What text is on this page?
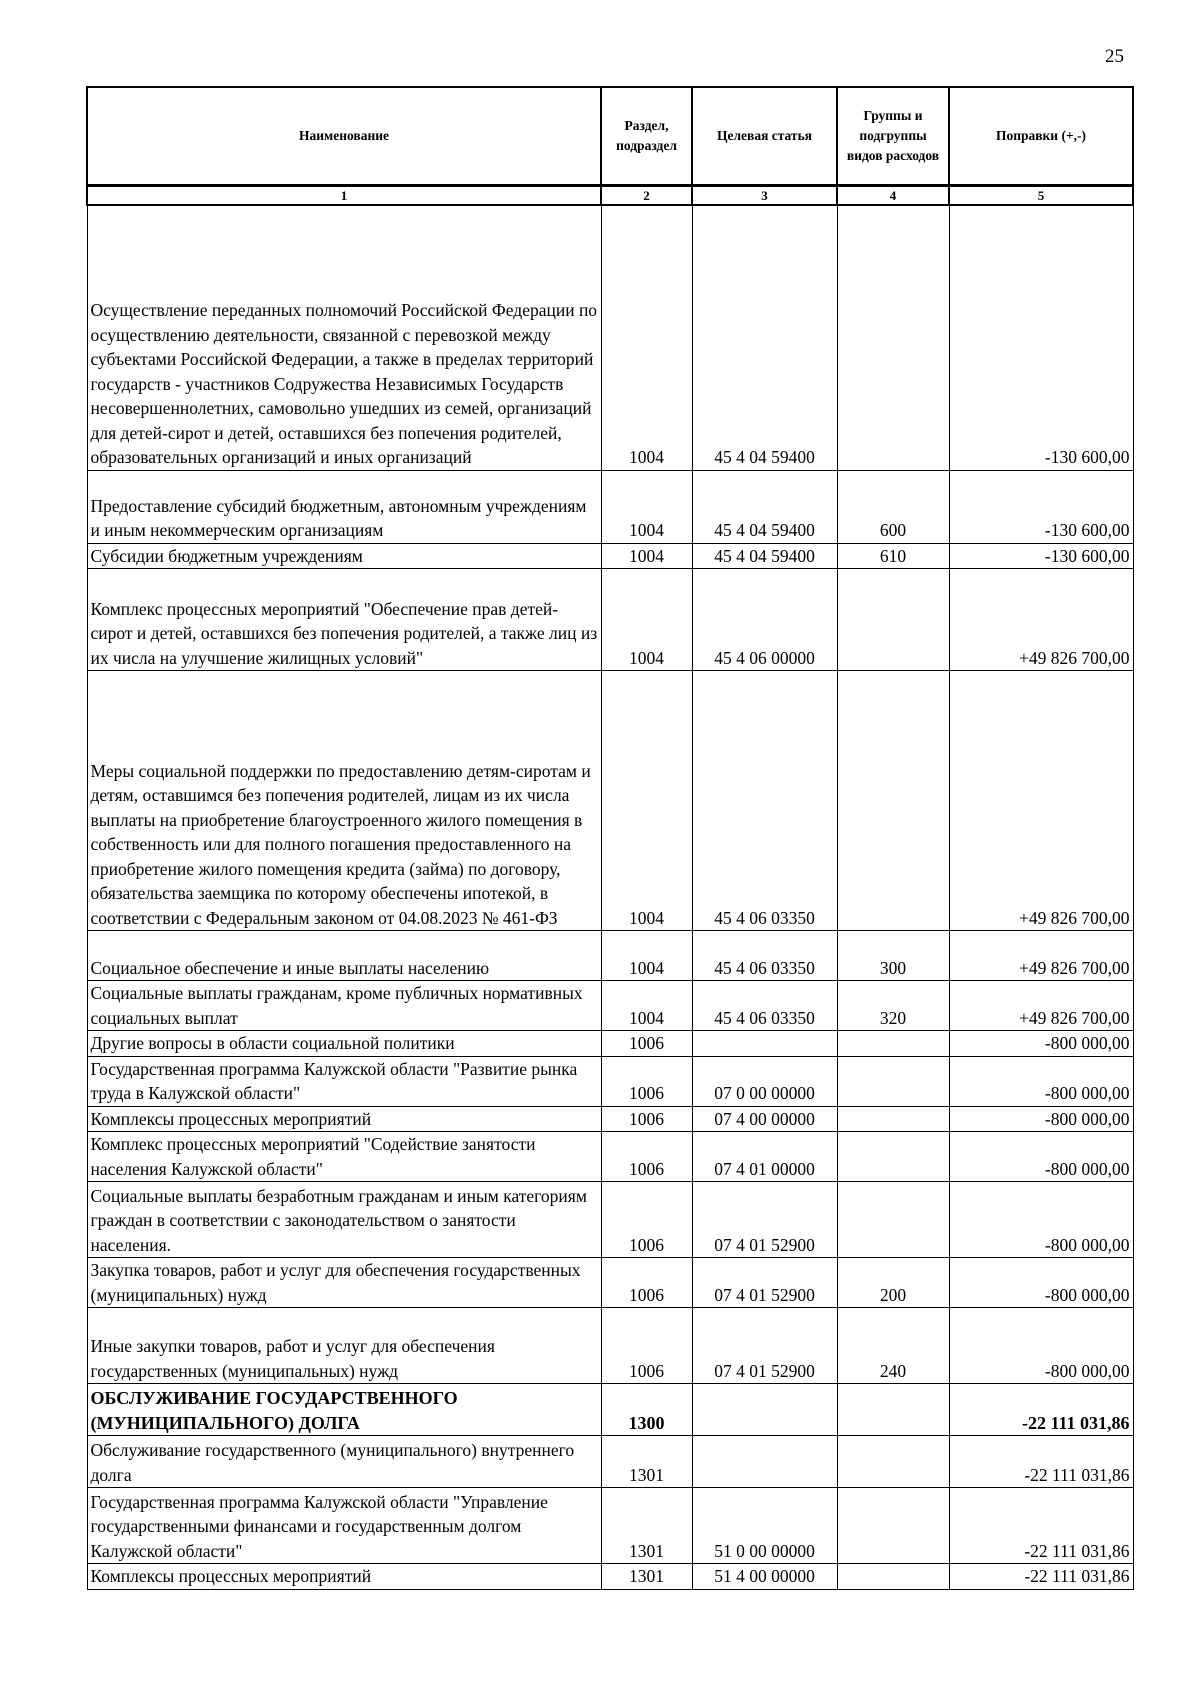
25
Наименование	Раздел, подраздел	Целевая статья	Группы и подгруппы видов расходов	Поправки (+,-)
1	2	3	4	5
Осуществление переданных полномочий Российской Федерации по осуществлению деятельности, связанной с перевозкой между субъектами Российской Федерации, а также в пределах территорий государств - участников Содружества Независимых Государств несовершеннолетних, самовольно ушедших из семей, организаций для детей-сирот и детей, оставшихся без попечения родителей, образовательных организаций и иных организаций	1004	45 4 04 59400		-130 600,00
Предоставление субсидий бюджетным, автономным учреждениям и иным некоммерческим организациям	1004	45 4 04 59400	600	-130 600,00
Субсидии бюджетным учреждениям	1004	45 4 04 59400	610	-130 600,00
Комплекс процессных мероприятий "Обеспечение прав детей-сирот и детей, оставшихся без попечения родителей, а также лиц из их числа на улучшение жилищных условий"	1004	45 4 06 00000		+49 826 700,00
Меры социальной поддержки по предоставлению детям-сиротам и детям, оставшимся без попечения родителей, лицам из их числа выплаты на приобретение благоустроенного жилого помещения в собственность или для полного погашения предоставленного на приобретение жилого помещения кредита (займа) по договору, обязательства заемщика по которому обеспечены ипотекой, в соответствии с Федеральным законом от 04.08.2023 № 461-ФЗ	1004	45 4 06 03350		+49 826 700,00
Социальное обеспечение и иные выплаты населению	1004	45 4 06 03350	300	+49 826 700,00
Социальные выплаты гражданам, кроме публичных нормативных социальных выплат	1004	45 4 06 03350	320	+49 826 700,00
Другие вопросы в области социальной политики	1006			-800 000,00
Государственная программа Калужской области "Развитие рынка труда в Калужской области"	1006	07 0 00 00000		-800 000,00
Комплексы процессных мероприятий	1006	07 4 00 00000		-800 000,00
Комплекс процессных мероприятий "Содействие занятости населения Калужской области"	1006	07 4 01 00000		-800 000,00
Социальные выплаты безработным гражданам и иным категориям граждан в соответствии с законодательством о занятости населения.	1006	07 4 01 52900		-800 000,00
Закупка товаров, работ и услуг для обеспечения государственных (муниципальных) нужд	1006	07 4 01 52900	200	-800 000,00
Иные закупки товаров, работ и услуг для обеспечения государственных (муниципальных) нужд	1006	07 4 01 52900	240	-800 000,00
ОБСЛУЖИВАНИЕ ГОСУДАРСТВЕННОГО (МУНИЦИПАЛЬНОГО) ДОЛГА	1300			-22 111 031,86
Обслуживание государственного (муниципального) внутреннего долга	1301			-22 111 031,86
Государственная программа Калужской области "Управление государственными финансами и государственным долгом Калужской области"	1301	51 0 00 00000		-22 111 031,86
Комплексы процессных мероприятий	1301	51 4 00 00000		-22 111 031,86
